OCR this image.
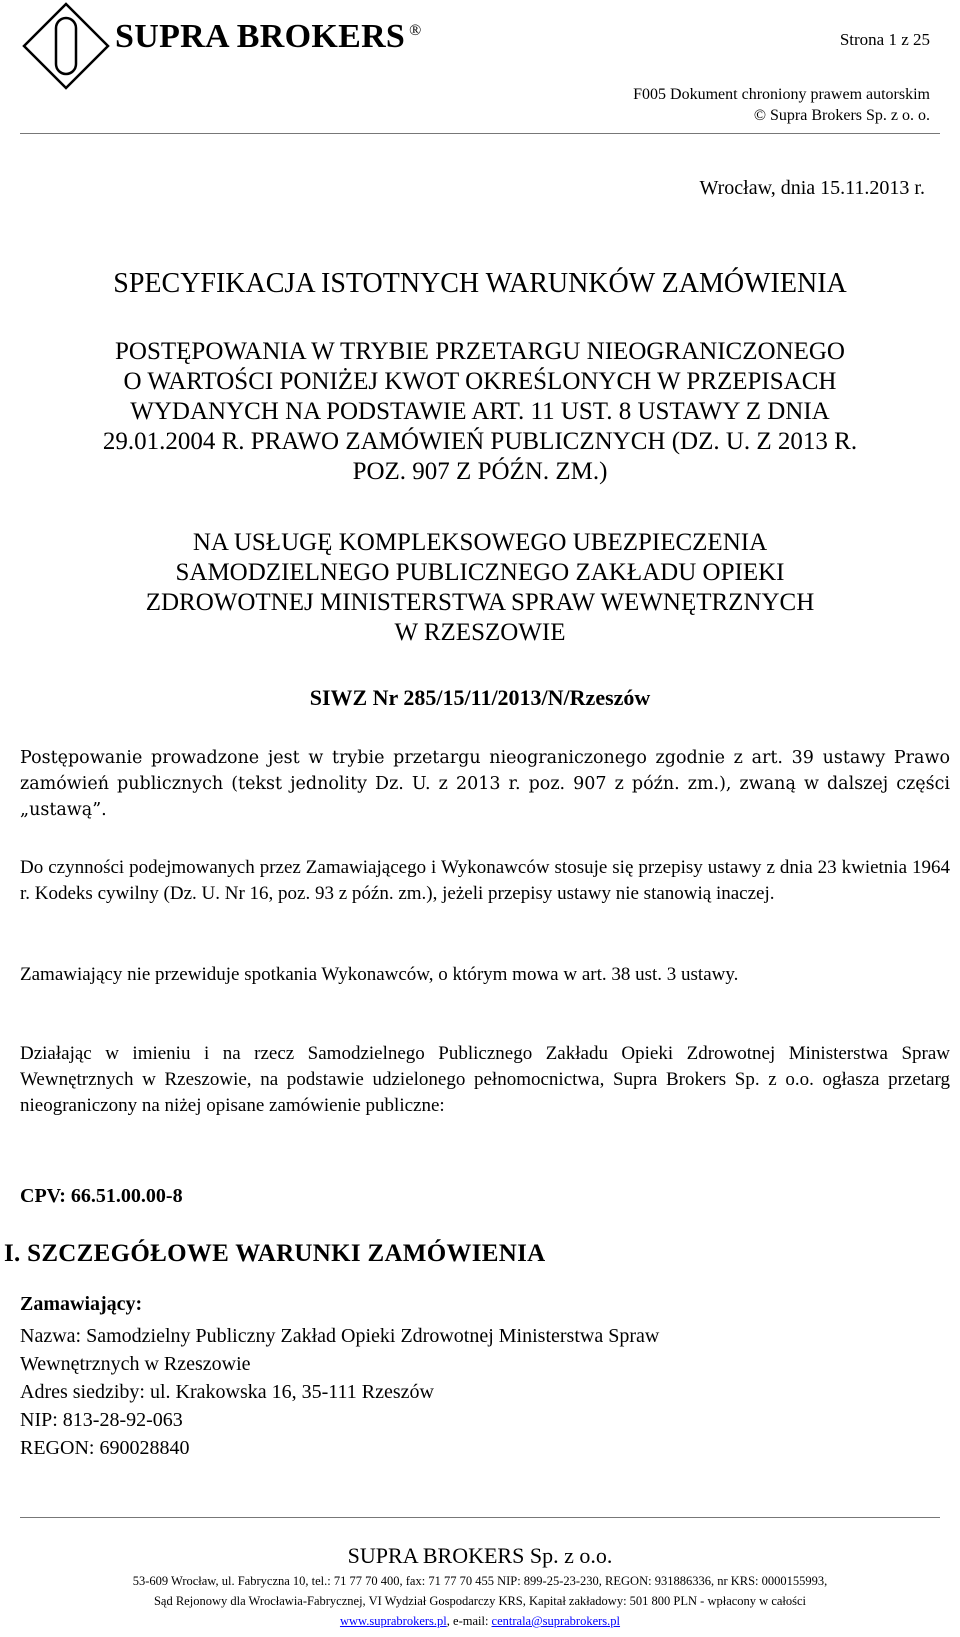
SUPRA BROKERS ®	Strona 1 z 25
F005 Dokument chroniony prawem autorskim
© Supra Brokers Sp. z o. o.
Wrocław, dnia 15.11.2013 r.
SPECYFIKACJA ISTOTNYCH WARUNKÓW ZAMÓWIENIA
POSTĘPOWANIA W TRYBIE PRZETARGU NIEOGRANICZONEGO
O WARTOŚCI PONIŻEJ KWOT OKREŚLONYCH W PRZEPISACH
WYDANYCH NA PODSTAWIE ART. 11 UST. 8 USTAWY Z DNIA
29.01.2004 R. PRAWO ZAMÓWIEŃ PUBLICZNYCH (DZ. U. Z 2013 R.
POZ. 907 Z PÓŹN. ZM.)
NA USŁUGĘ KOMPLEKSOWEGO UBEZPIECZENIA
SAMODZIELNEGO PUBLICZNEGO ZAKŁADU OPIEKI
ZDROWOTNEJ MINISTERSTWA SPRAW WEWNĘTRZNYCH
W RZESZOWIE
SIWZ Nr 285/15/11/2013/N/Rzeszów
Postępowanie prowadzone jest w trybie przetargu nieograniczonego zgodnie z art. 39 ustawy Prawo zamówień publicznych (tekst jednolity Dz. U. z 2013 r. poz. 907 z późn. zm.), zwaną w dalszej części „ustawą”.
Do czynności podejmowanych przez Zamawiającego i Wykonawców stosuje się przepisy ustawy z dnia 23 kwietnia 1964 r. Kodeks cywilny (Dz. U. Nr 16, poz. 93 z późn. zm.), jeżeli przepisy ustawy nie stanowią inaczej.
Zamawiający nie przewiduje spotkania Wykonawców, o którym mowa w art. 38 ust. 3 ustawy.
Działając w imieniu i na rzecz Samodzielnego Publicznego Zakładu Opieki Zdrowotnej Ministerstwa Spraw Wewnętrznych w Rzeszowie, na podstawie udzielonego pełnomocnictwa, Supra Brokers Sp. z o.o. ogłasza przetarg nieograniczony na niżej opisane zamówienie publiczne:
CPV: 66.51.00.00-8
I. SZCZEGÓŁOWE WARUNKI ZAMÓWIENIA
Zamawiający:
Nazwa: Samodzielny Publiczny Zakład Opieki Zdrowotnej Ministerstwa Spraw
Wewnętrznych w Rzeszowie
Adres siedziby: ul. Krakowska 16, 35-111 Rzeszów
NIP: 813-28-92-063
REGON: 690028840
SUPRA BROKERS Sp. z o.o.
53-609 Wrocław, ul. Fabryczna 10, tel.: 71 77 70 400, fax: 71 77 70 455 NIP: 899-25-23-230, REGON: 931886336, nr KRS: 0000155993,
Sąd Rejonowy dla Wrocławia-Fabrycznej, VI Wydział Gospodarczy KRS, Kapitał zakładowy: 501 800 PLN - wpłacony w całości
www.suprabrokers.pl, e-mail: centrala@suprabrokers.pl
